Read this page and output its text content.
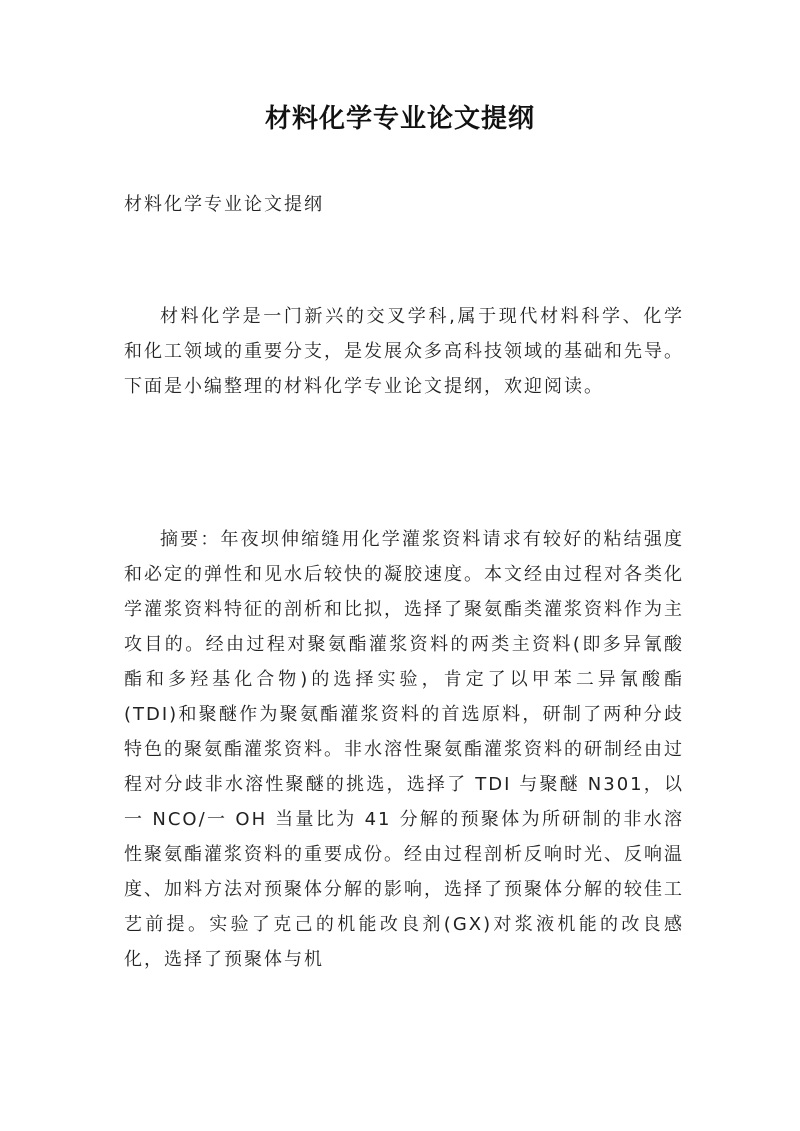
材料化学专业论文提纲
材料化学专业论文提纲

材料化学是一门新兴的交叉学科,属于现代材料科学、化学和化工领域的重要分支，是发展众多高科技领域的基础和先导。下面是小编整理的材料化学专业论文提纲，欢迎阅读。

摘要：年夜坝伸缩缝用化学灌浆资料请求有较好的粘结强度和必定的弹性和见水后较快的凝胶速度。本文经由过程对各类化学灌浆资料特征的剖析和比拟，选择了聚氨酯类灌浆资料作为主攻目的。经由过程对聚氨酯灌浆资料的两类主资料(即多异氰酸酯和多羟基化合物)的选择实验，肯定了以甲苯二异氰酸酯(TDI)和聚醚作为聚氨酯灌浆资料的首选原料，研制了两种分歧特色的聚氨酯灌浆资料。非水溶性聚氨酯灌浆资料的研制经由过程对分歧非水溶性聚醚的挑选，选择了 TDI 与聚醚 N301，以一 NCO/一 OH 当量比为 41 分解的预聚体为所研制的非水溶性聚氨酯灌浆资料的重要成份。经由过程剖析反响时光、反响温度、加料方法对预聚体分解的影响，选择了预聚体分解的较佳工艺前提。实验了克己的机能改良剂(GX)对浆液机能的改良感化，选择了预聚体与机
